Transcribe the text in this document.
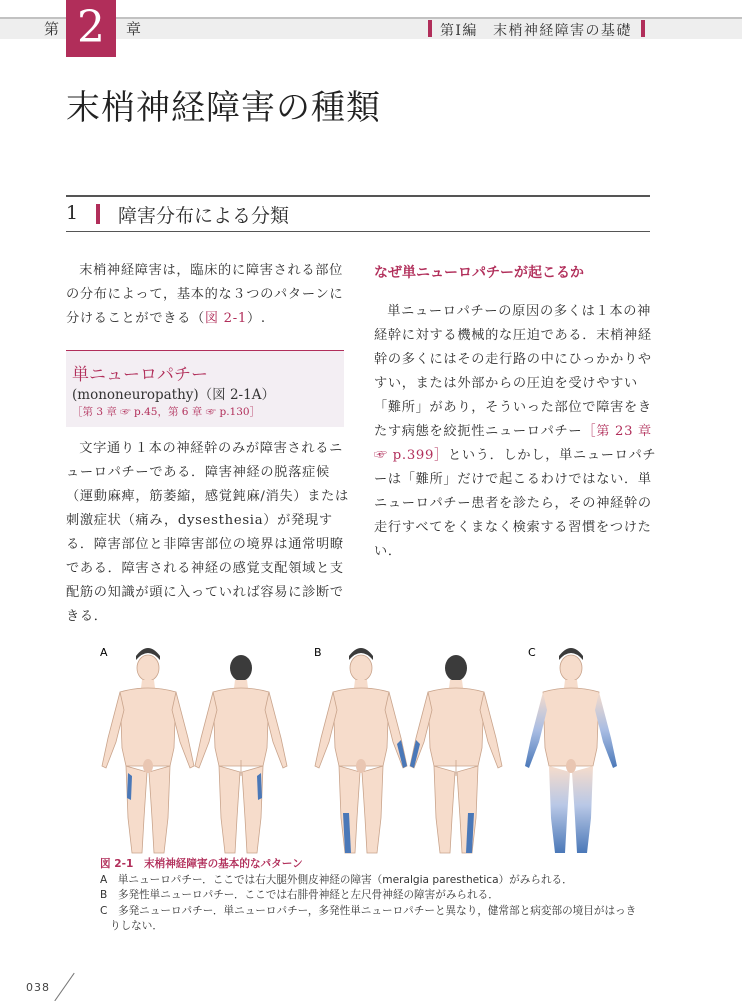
第 2	章	第Ⅰ編　末梢神経障害の基礎
末梢神経障害の種類
1 障害分布による分類

末梢神経障害は，臨床的に障害される部位の分布によって，基本的な３つのパターンに分けることができる（図 2-1）.

単ニューロパチー
(mononeuropathy)（図 2-1A）
［第 3 章 ☞ p.45，第 6 章 ☞ p.130］

文字通り１本の神経幹のみが障害されるニューロパチーである．障害神経の脱落症候（運動麻痺，筋萎縮，感覚鈍麻/消失）または刺激症状（痛み，dysesthesia）が発現する．障害部位と非障害部位の境界は通常明瞭である．障害される神経の感覚支配領域と支配筋の知識が頭に入っていれば容易に診断できる．

なぜ単ニューロパチーが起こるか

単ニューロパチーの原因の多くは１本の神経幹に対する機械的な圧迫である．末梢神経幹の多くにはその走行路の中にひっかかりやすい，または外部からの圧迫を受けやすい「難所」があり，そういった部位で障害をきたす病態を絞扼性ニューロパチー［第 23 章 ☞ p.399］という．しかし，単ニューロパチーは「難所」だけで起こるわけではない．単ニューロパチー患者を診たら，その神経幹の走行すべてをくまなく検索する習慣をつけたい．

A	B	C

図 2-1　末梢神経障害の基本的なパターン

A　単ニューロパチー．ここでは右大腿外側皮神経の障害（meralgia paresthetica）がみられる．

B　多発性単ニューロパチー．ここでは右腓骨神経と左尺骨神経の障害がみられる．

C　多発ニューロパチー．単ニューロパチー，多発性単ニューロパチーと異なり，健常部と病変部の境目がはっき

りしない．

038
